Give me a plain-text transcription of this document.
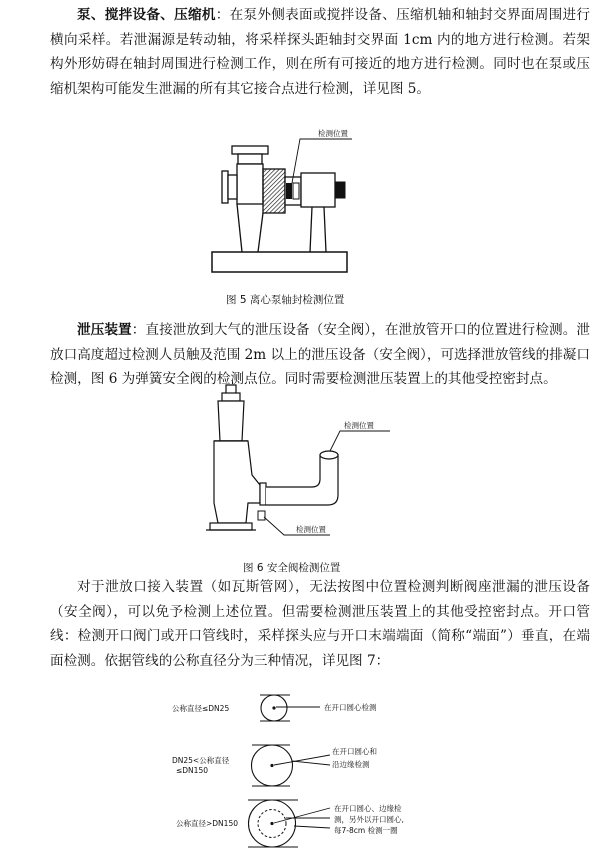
泵、搅拌设备、压缩机：在泵外侧表面或搅拌设备、压缩机轴和轴封交界面周围进行横向采样。若泄漏源是转动轴，将采样探头距轴封交界面 1cm 内的地方进行检测。若架构外形妨碍在轴封周围进行检测工作，则在所有可接近的地方进行检测。同时也在泵或压缩机架构可能发生泄漏的所有其它接合点进行检测，详见图 5。
检测位置
图 5 离心泵轴封检测位置
泄压装置：直接泄放到大气的泄压设备（安全阀），在泄放管开口的位置进行检测。泄放口高度超过检测人员触及范围 2m 以上的泄压设备（安全阀），可选择泄放管线的排凝口检测，图 6 为弹簧安全阀的检测点位。同时需要检测泄压装置上的其他受控密封点。
检测位置
检测位置
图 6 安全阀检测位置
对于泄放口接入装置（如瓦斯管网），无法按图中位置检测判断阀座泄漏的泄压设备（安全阀），可以免予检测上述位置。但需要检测泄压装置上的其他受控密封点。开口管线：检测开口阀门或开口管线时，采样探头应与开口末端端面（简称“端面”）垂直，在端面检测。依据管线的公称直径分为三种情况，详见图 7：
公称直径≤DN25	在开口圆心检测
DN25<公称直径
≤DN150
在开口圆心和
沿边缘检测
公称直径>DN150
在开口圆心、边缘检
测，另外以开口圆心,
每7-8cm 检测一圈
